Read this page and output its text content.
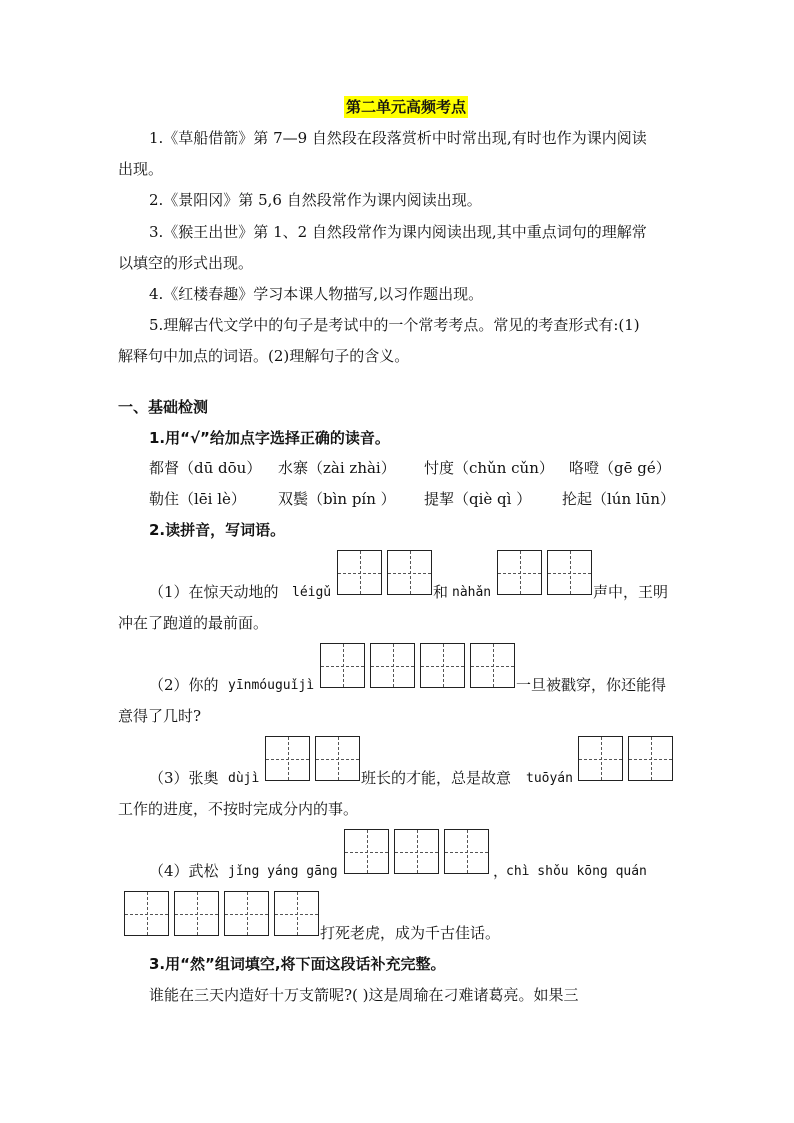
第二单元高频考点
1.《草船借箭》第 7—9 自然段在段落赏析中时常出现,有时也作为课内阅读
出现。
2.《景阳冈》第 5,6 自然段常作为课内阅读出现。
3.《猴王出世》第 1、2 自然段常作为课内阅读出现,其中重点词句的理解常
以填空的形式出现。
4.《红楼春趣》学习本课人物描写,以习作题出现。
5.理解古代文学中的句子是考试中的一个常考考点。常见的考查形式有:(1)
解释句中加点的词语。(2)理解句子的含义。
一、基础检测
1.用“√”给加点字选择正确的读音。
都督（dū dōu） 水寨（zài zhài） 忖度（chǔn cǔn） 咯噔（gē gé）
勒住（lēi lè） 双鬓（bìn pín ） 提挈（qiè qì ） 抡起（lún lūn）
2.读拼音，写词语。
（1）在惊天动地的 léigǔ	和 nàhǎn	声中，王明
冲在了跑道的最前面。
（2）你的 yīnmóuguǐjì	一旦被戳穿，你还能得
意得了几时?
（3）张奥 dùjì	班长的才能，总是故意 tuōyán
工作的进度，不按时完成分内的事。
（4）武松 jǐng yáng gāng	，
chì shǒu kōng quán
打死老虎，成为千古佳话。
3.用“然”组词填空,将下面这段话补充完整。
谁能在三天内造好十万支箭呢?( )这是周瑜在刁难诸葛亮。如果三
